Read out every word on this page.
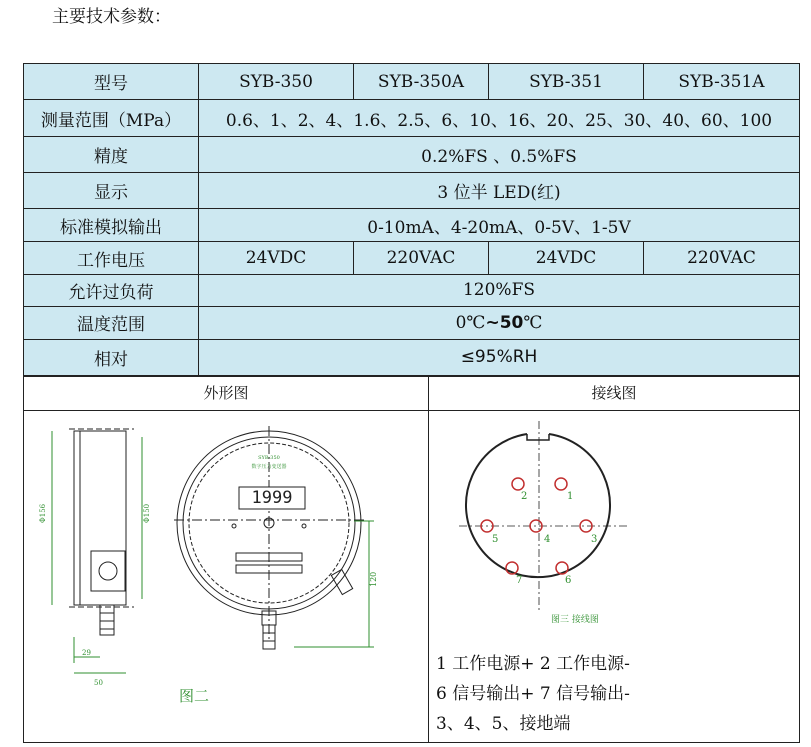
主要技术参数：
型号	SYB-350	SYB-350A	SYB-351	SYB-351A
测量范围（MPa）	0.6、1、2、4、1.6、2.5、6、10、16、20、25、30、40、60、100			
精度	0.2%FS 、0.5%FS			
显示	3 位半 LED(红)			
标准模拟输出	0-10mA、4-20mA、0-5V、1-5V			
工作电压	24VDC	220VAC	24VDC	220VAC
允许过负荷	120%FS			
温度范围	0℃~50℃			
相对	≤95%RH			
外形图
Φ156	Φ150
120
29
50
1999
SYB-350
数字压力变送器
图二
接线图
1
2
3
4
5
6
7
图三 接线图
1 工作电源+ 2 工作电源-
6 信号输出+ 7 信号输出-
3、4、5、接地端
